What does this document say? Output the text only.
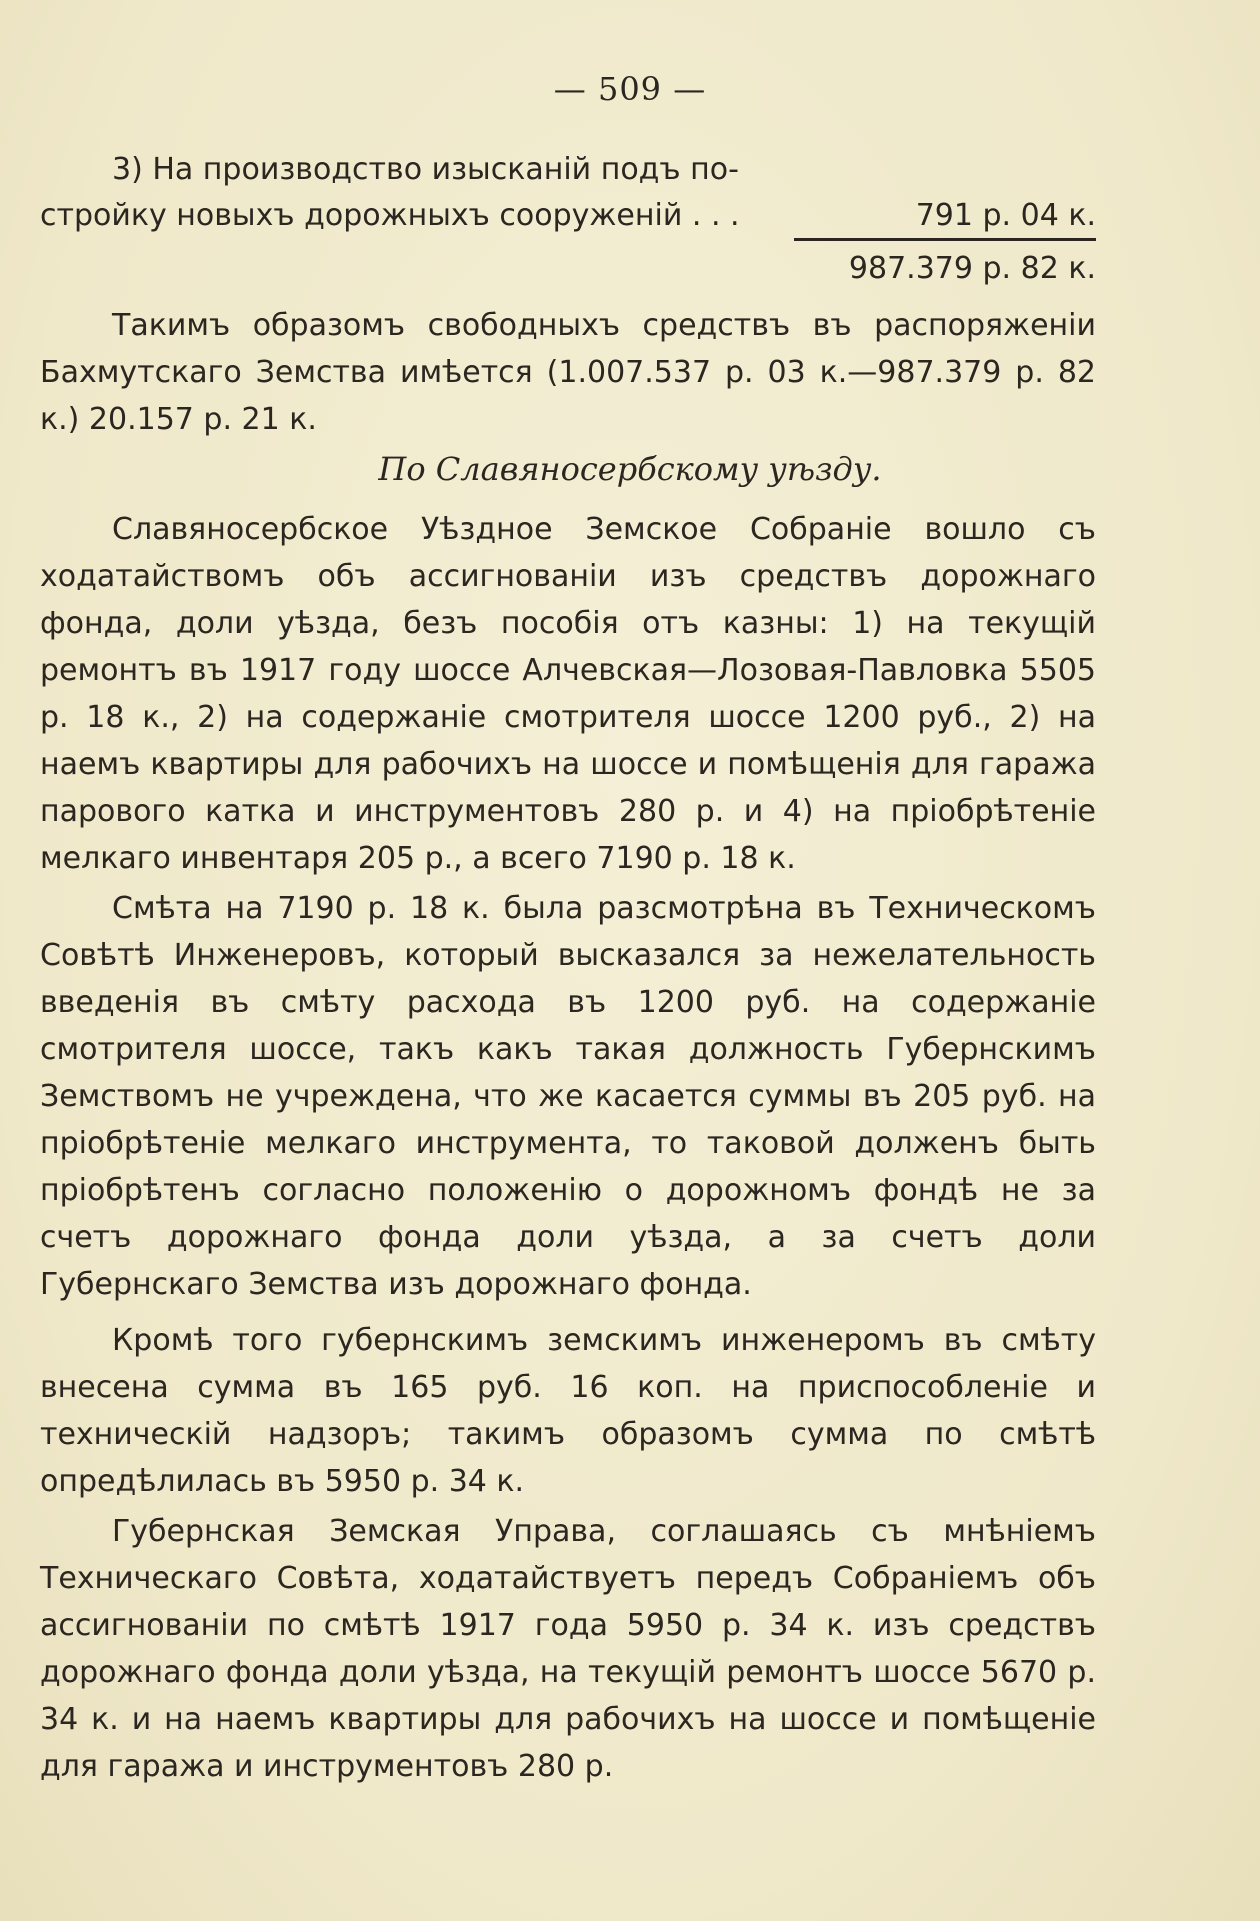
— 509 —
3) На производство изысканій подъ по-
стройку новыхъ дорожныхъ сооруженій . . .	791 р. 04 к.
987.379 р. 82 к.
Такимъ образомъ свободныхъ средствъ въ распоряженіи Бахмутскаго Земства имѣется (1.007.537 р. 03 к.—987.379 р. 82 к.) 20.157 р. 21 к.
По Славяносербскому уѣзду.
Славяносербское Уѣздное Земское Собраніе вошло съ ходатайствомъ объ ассигнованіи изъ средствъ дорожнаго фонда, доли уѣзда, безъ пособія отъ казны: 1) на текущій ремонтъ въ 1917 году шоссе Алчевская—Лозовая-Павловка 5505 р. 18 к., 2) на содержаніе смотрителя шоссе 1200 руб., 2) на наемъ квартиры для рабочихъ на шоссе и помѣщенія для гаража парового катка и инструментовъ 280 р. и 4) на пріобрѣтеніе мелкаго инвентаря 205 р., а всего 7190 р. 18 к.
Смѣта на 7190 р. 18 к. была разсмотрѣна въ Техническомъ Совѣтѣ Инженеровъ, который высказался за нежелательность введенія въ смѣту расхода въ 1200 руб. на содержаніе смотрителя шоссе, такъ какъ такая должность Губернскимъ Земствомъ не учреждена, что же касается суммы въ 205 руб. на пріобрѣтеніе мелкаго инструмента, то таковой долженъ быть пріобрѣтенъ согласно положенію о дорожномъ фондѣ не за счетъ дорожнаго фонда доли уѣзда, а за счетъ доли Губернскаго Земства изъ дорожнаго фонда.
Кромѣ того губернскимъ земскимъ инженеромъ въ смѣту внесена сумма въ 165 руб. 16 коп. на приспособленіе и техническій надзоръ; такимъ образомъ сумма по смѣтѣ опредѣлилась въ 5950 р. 34 к.
Губернская Земская Управа, соглашаясь съ мнѣніемъ Техническаго Совѣта, ходатайствуетъ передъ Собраніемъ объ ассигнованіи по смѣтѣ 1917 года 5950 р. 34 к. изъ средствъ дорожнаго фонда доли уѣзда, на текущій ремонтъ шоссе 5670 р. 34 к. и на наемъ квартиры для рабочихъ на шоссе и помѣщеніе для гаража и инструментовъ 280 р.
